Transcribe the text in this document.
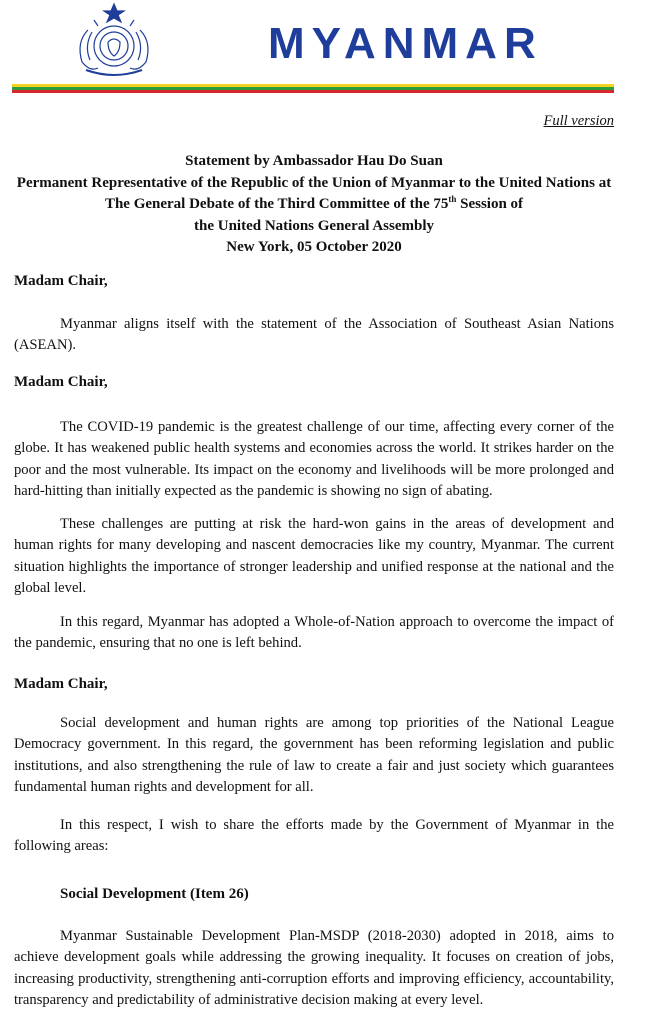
MYANMAR
Full version
Statement by Ambassador Hau Do Suan
Permanent Representative of the Republic of the Union of Myanmar to the United Nations at
The General Debate of the Third Committee of the 75th Session of
the United Nations General Assembly
New York, 05 October 2020
Madam Chair,
Myanmar aligns itself with the statement of the Association of Southeast Asian Nations (ASEAN).
Madam Chair,
The COVID-19 pandemic is the greatest challenge of our time, affecting every corner of the globe. It has weakened public health systems and economies across the world. It strikes harder on the poor and the most vulnerable. Its impact on the economy and livelihoods will be more prolonged and hard-hitting than initially expected as the pandemic is showing no sign of abating.
These challenges are putting at risk the hard-won gains in the areas of development and human rights for many developing and nascent democracies like my country, Myanmar. The current situation highlights the importance of stronger leadership and unified response at the national and the global level.
In this regard, Myanmar has adopted a Whole-of-Nation approach to overcome the impact of the pandemic, ensuring that no one is left behind.
Madam Chair,
Social development and human rights are among top priorities of the National League Democracy government. In this regard, the government has been reforming legislation and public institutions, and also strengthening the rule of law to create a fair and just society which guarantees fundamental human rights and development for all.
In this respect, I wish to share the efforts made by the Government of Myanmar in the following areas:
Social Development (Item 26)
Myanmar Sustainable Development Plan-MSDP (2018-2030) adopted in 2018, aims to achieve development goals while addressing the growing inequality. It focuses on creation of jobs, increasing productivity, strengthening anti-corruption efforts and improving efficiency, accountability, transparency and predictability of administrative decision making at every level.
